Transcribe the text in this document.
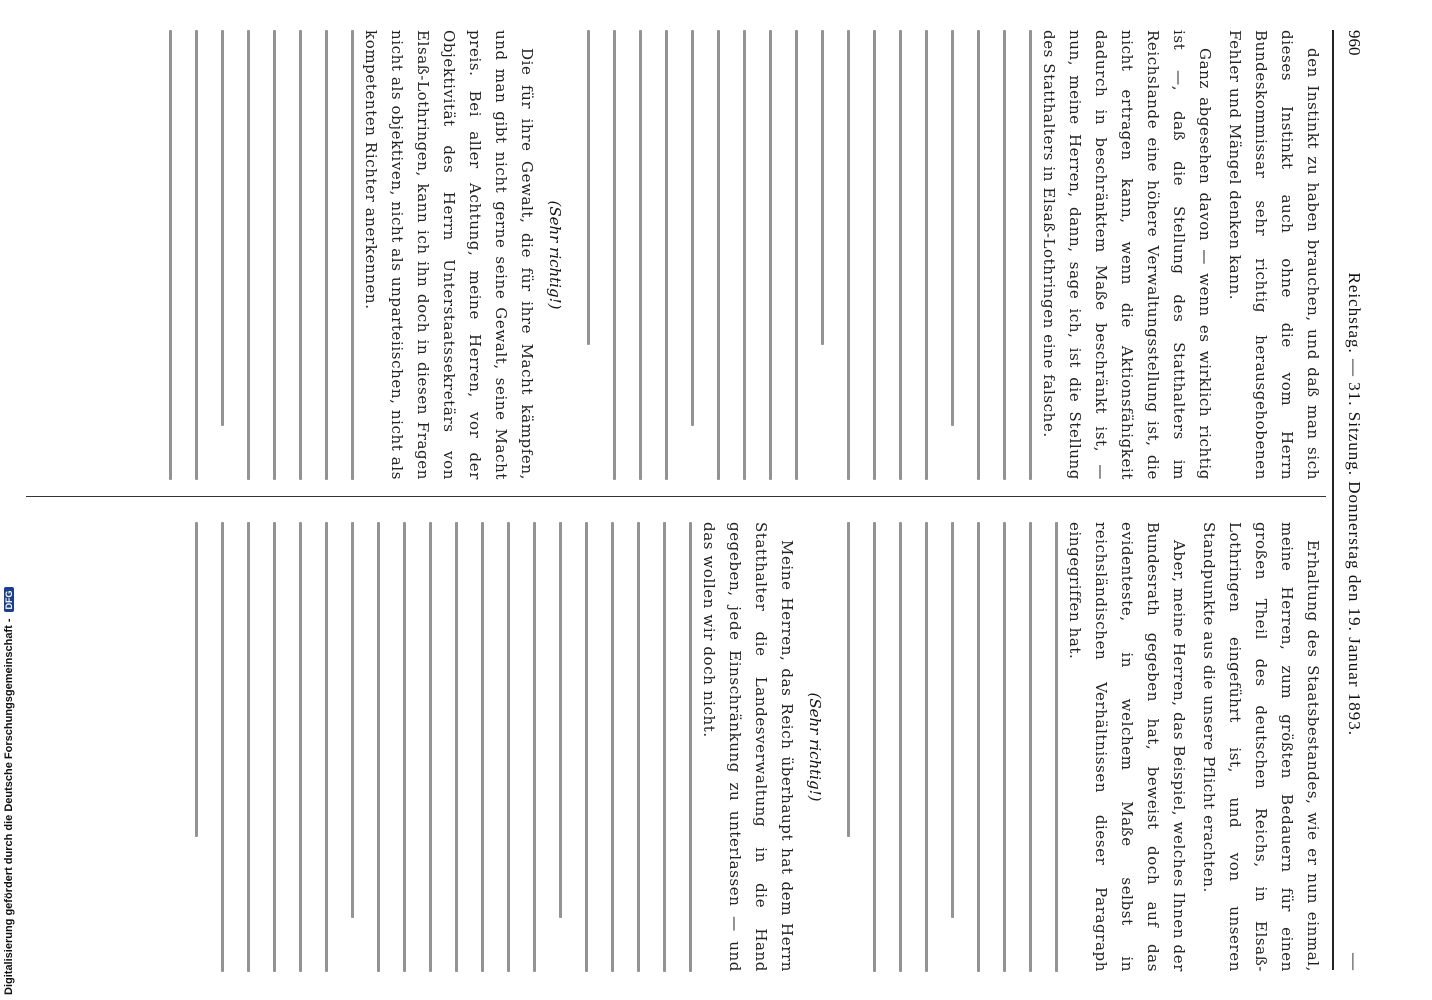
960
Reichstag. — 31. Sitzung. Donnerstag den 19. Januar 1893.
—

den Instinkt zu haben brauchen, und daß man sich dieses Instinkt auch ohne die vom Herrn Bundeskommissar sehr richtig herausgehobenen Fehler und Mängel denken kann.

Ganz abgesehen davon — wenn es wirklich richtig ist —, daß die Stellung des Statthalters im Reichslande eine höhere Verwaltungsstellung ist, die nicht ertragen kann, wenn die Aktionsfähigkeit dadurch in beschränktem Maße beschränkt ist, — nun, meine Herren, dann, sage ich, ist die Stellung des Statthalters in Elsaß-Lothringen eine falsche.

(Sehr richtig!)

Die für ihre Gewalt, die für ihre Macht kämpfen, und man gibt nicht gerne seine Gewalt, seine Macht preis. Bei aller Achtung, meine Herren, vor der Objektivität des Herrn Unterstaatssekretärs von Elsaß-Lothringen, kann ich ihn doch in diesen Fragen nicht als objektiven, nicht als unparteiischen, nicht als kompetenten Richter anerkennen.

Erhaltung des Staatsbestandes, wie er nun einmal, meine Herren, zum größten Bedauern für einen großen Theil des deutschen Reichs, in Elsaß-Lothringen eingeführt ist, und von unseren Standpunkte aus die unsere Pflicht erachten.

Aber, meine Herren, das Beispiel, welches Ihnen der Bundesrath gegeben hat, beweist doch auf das evidenteste, in welchem Maße selbst in reichsländischen Verhältnissen dieser Paragraph eingegriffen hat.

(Sehr richtig!)

Meine Herren, das Reich überhaupt hat dem Herrn Statthalter die Landesverwaltung in die Hand gegeben, jede Einschränkung zu unterlassen — und das wollen wir doch nicht.

Digitalisierung gefördert durch die Deutsche Forschungsgemeinschaft -
DFG
